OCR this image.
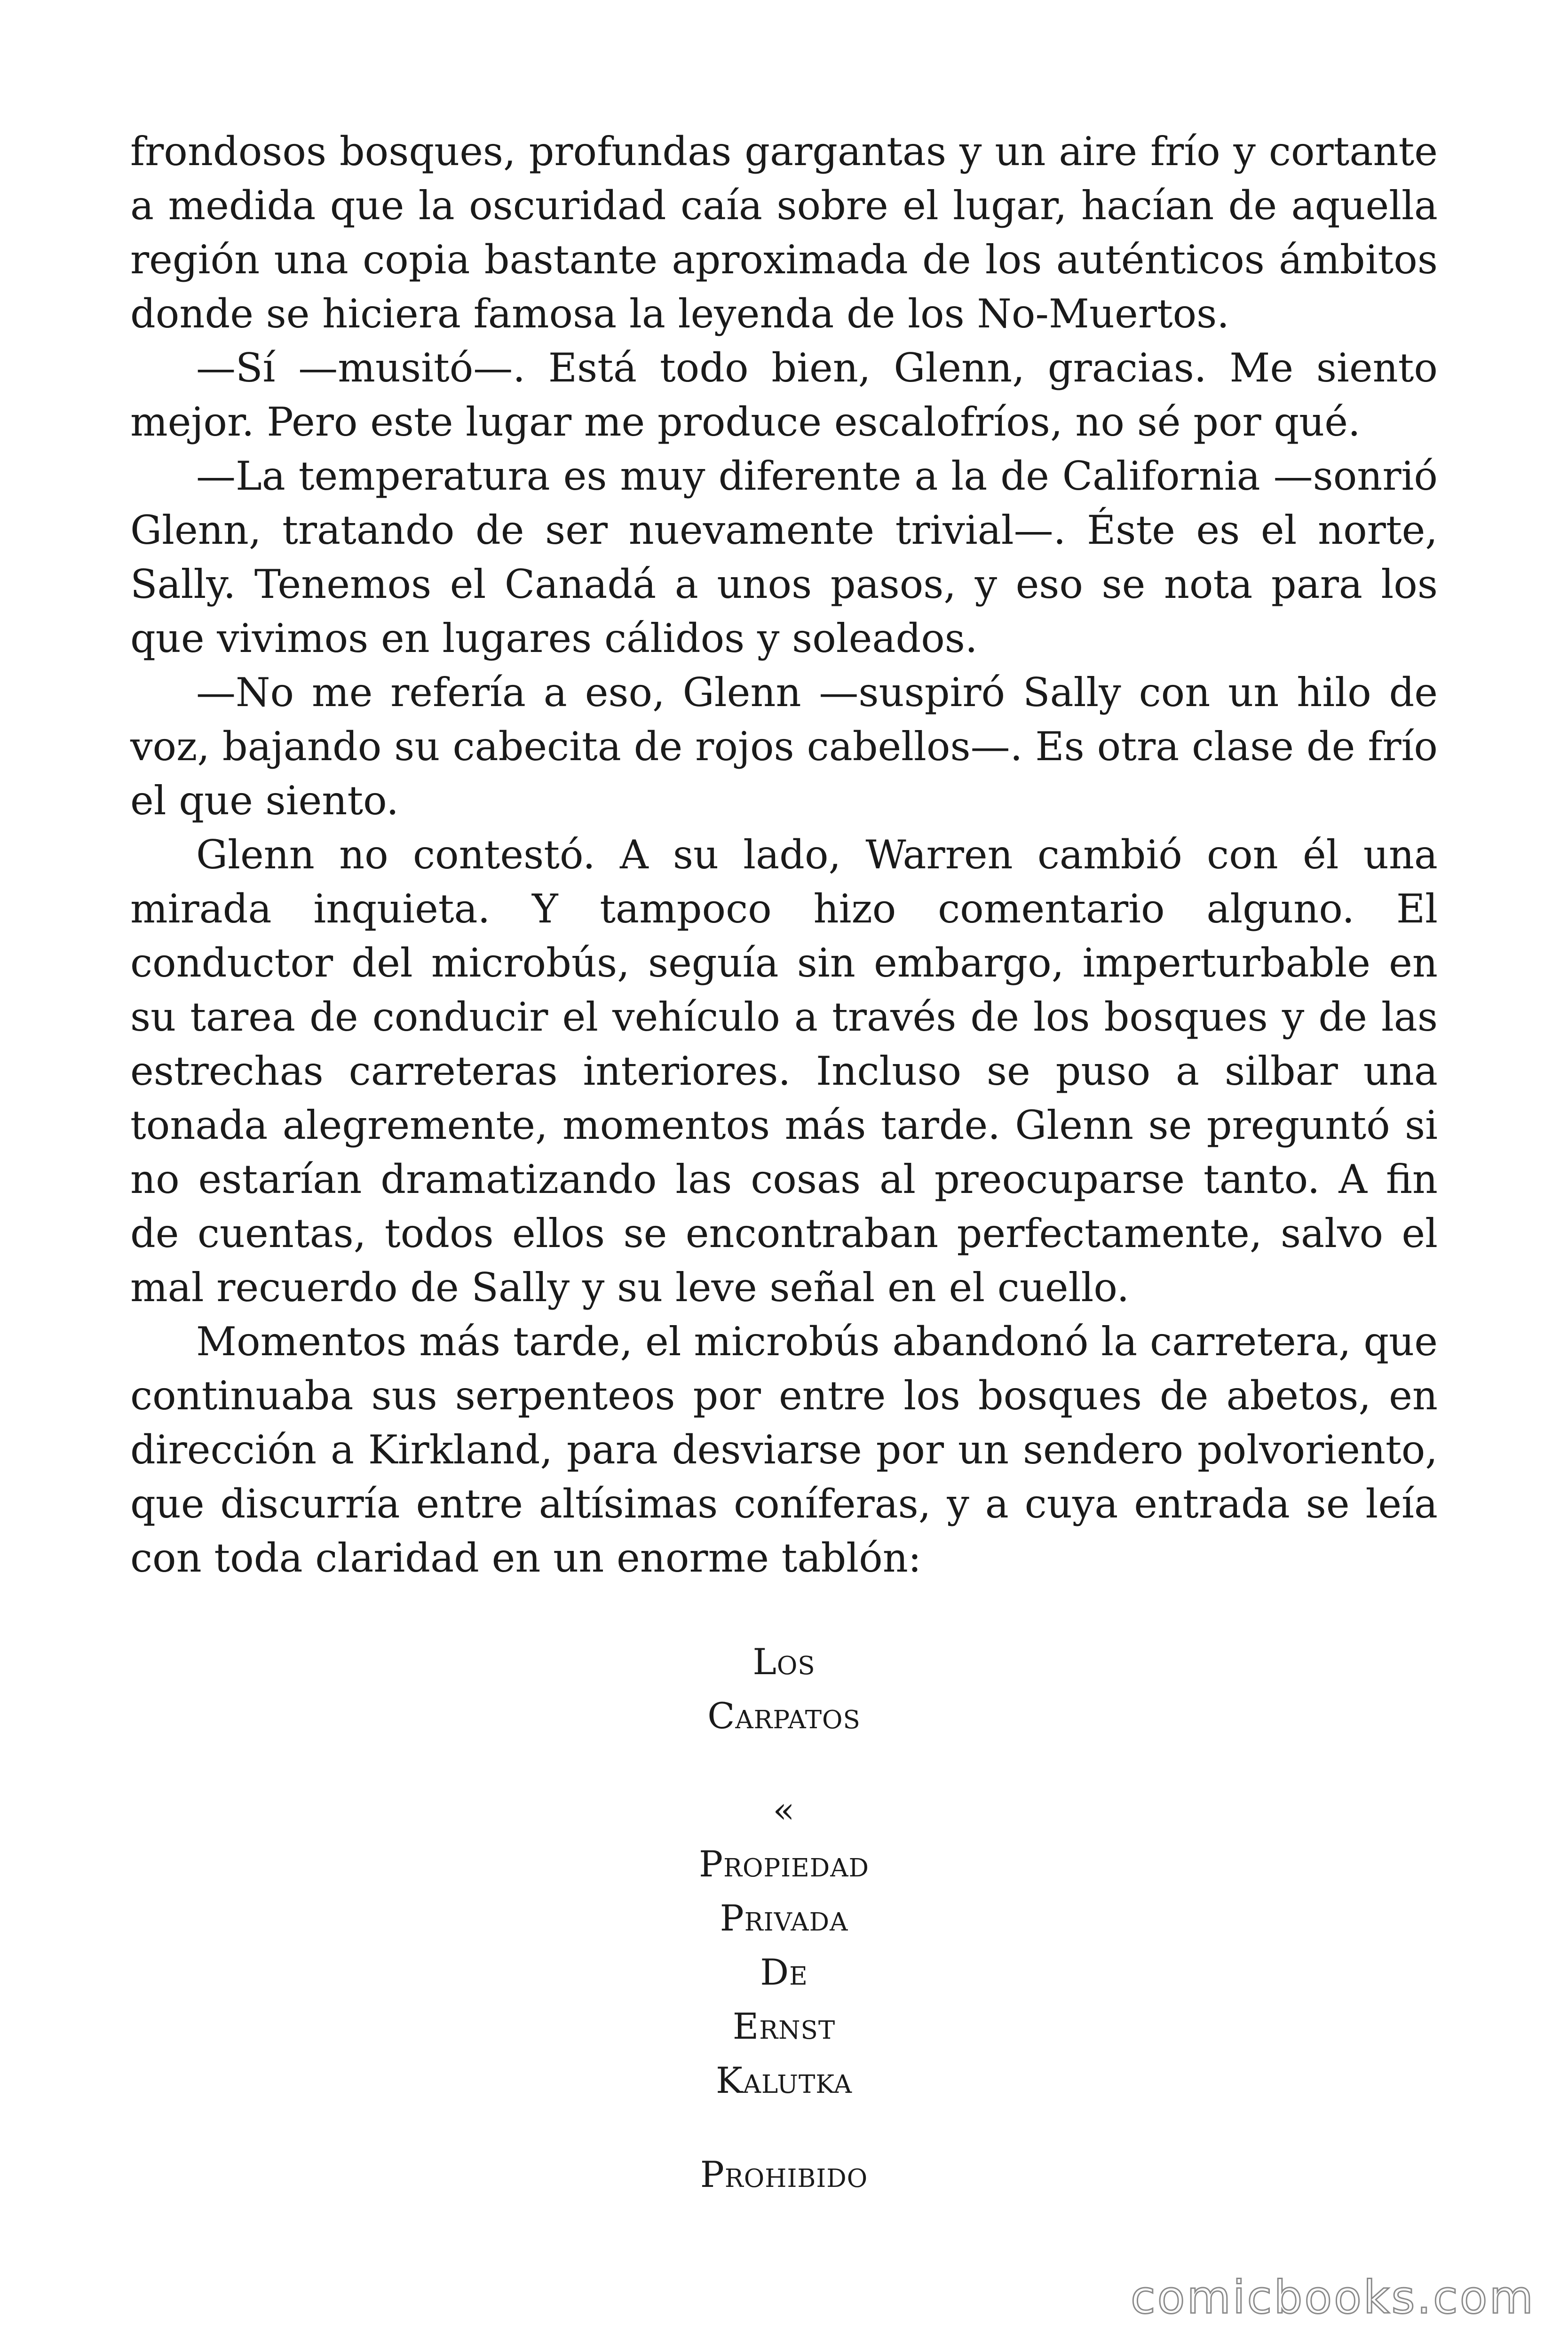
frondosos bosques, profundas gargantas y un aire frío y cortante a medida que la oscuridad caía sobre el lugar, hacían de aquella región una copia bastante aproximada de los auténticos ámbitos donde se hiciera famosa la leyenda de los No-Muertos.

—Sí —musitó—. Está todo bien, Glenn, gracias. Me siento mejor. Pero este lugar me produce escalofríos, no sé por qué.

—La temperatura es muy diferente a la de California —sonrió Glenn, tratando de ser nuevamente trivial—. Éste es el norte, Sally. Tenemos el Canadá a unos pasos, y eso se nota para los que vivimos en lugares cálidos y soleados.

—No me refería a eso, Glenn —suspiró Sally con un hilo de voz, bajando su cabecita de rojos cabellos—. Es otra clase de frío el que siento.

Glenn no contestó. A su lado, Warren cambió con él una mirada inquieta. Y tampoco hizo comentario alguno. El conductor del microbús, seguía sin embargo, imperturbable en su tarea de conducir el vehículo a través de los bosques y de las estrechas carreteras interiores. Incluso se puso a silbar una tonada alegremente, momentos más tarde. Glenn se preguntó si no estarían dramatizando las cosas al preocuparse tanto. A fin de cuentas, todos ellos se encontraban perfectamente, salvo el mal recuerdo de Sally y su leve señal en el cuello.

Momentos más tarde, el microbús abandonó la carretera, que continuaba sus serpenteos por entre los bosques de abetos, en dirección a Kirkland, para desviarse por un sendero polvoriento, que discurría entre altísimas coníferas, y a cuya entrada se leía con toda claridad en un enorme tablón:

Los
Carpatos
«
Propiedad
Privada
De
Ernst
Kalutka
Prohibido
comicbooks.com
